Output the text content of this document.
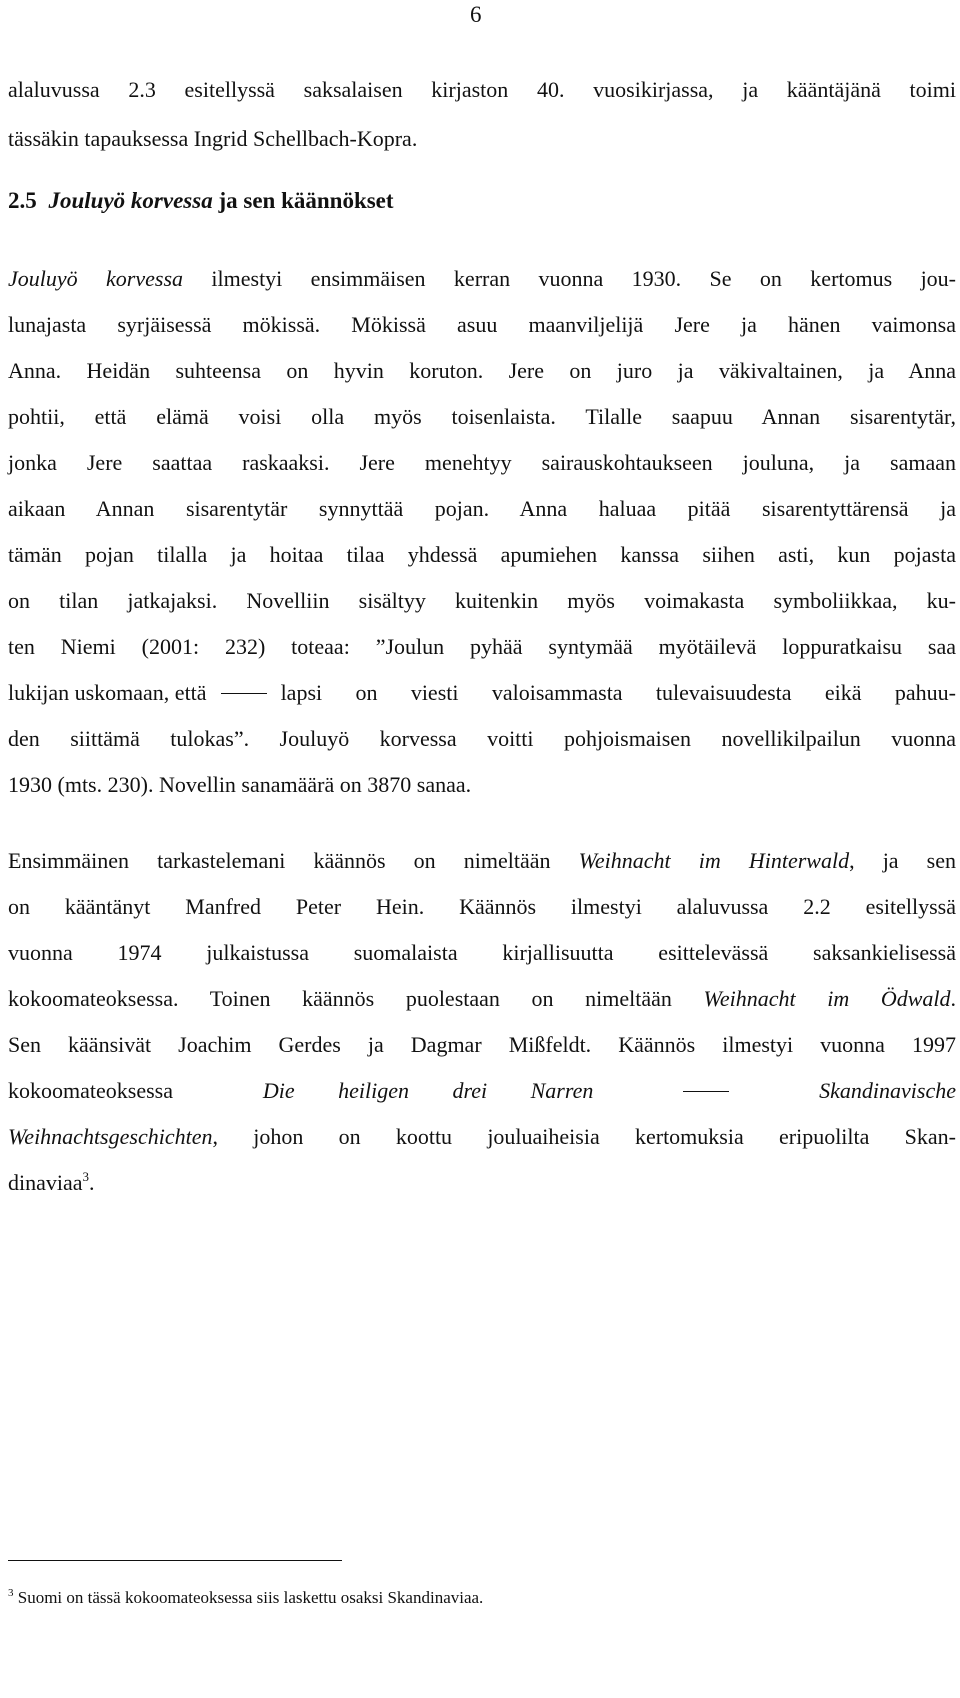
6
alaluvussa 2.3 esitellyssä saksalaisen kirjaston 40. vuosikirjassa, ja kääntäjänä toimi
tässäkin tapauksessa Ingrid Schellbach-Kopra.
2.5 Jouluyö korvessa ja sen käännökset
Jouluyö korvessa ilmestyi ensimmäisen kerran vuonna 1930. Se on kertomus jou-
lunajasta syrjäisessä mökissä. Mökissä asuu maanviljelijä Jere ja hänen vaimonsa
Anna. Heidän suhteensa on hyvin koruton. Jere on juro ja väkivaltainen, ja Anna
pohtii, että elämä voisi olla myös toisenlaista. Tilalle saapuu Annan sisarentytär,
jonka Jere saattaa raskaaksi. Jere menehtyy sairauskohtaukseen jouluna, ja samaan
aikaan Annan sisarentytär synnyttää pojan. Anna haluaa pitää sisarentyttärensä ja
tämän pojan tilalla ja hoitaa tilaa yhdessä apumiehen kanssa siihen asti, kun pojasta
on tilan jatkajaksi. Novelliin sisältyy kuitenkin myös voimakasta symboliikkaa, ku-
ten Niemi (2001: 232) toteaa: ”Joulun pyhää syntymää myötäilevä loppuratkaisu saa
lukijan uskomaan, että	lapsi on viesti valoisammasta tulevaisuudesta eikä pahuu-
den siittämä tulokas”. Jouluyö korvessa voitti pohjoismaisen novellikilpailun vuonna
1930 (mts. 230). Novellin sanamäärä on 3870 sanaa.
Ensimmäinen tarkastelemani käännös on nimeltään Weihnacht im Hinterwald, ja sen
on kääntänyt Manfred Peter Hein. Käännös ilmestyi alaluvussa 2.2 esitellyssä
vuonna 1974 julkaistussa suomalaista kirjallisuutta esittelevässä saksankielisessä
kokoomateoksessa. Toinen käännös puolestaan on nimeltään Weihnacht im Ödwald.
Sen käänsivät Joachim Gerdes ja Dagmar Mißfeldt. Käännös ilmestyi vuonna 1997
kokoomateoksessa	Die heiligen drei Narren	Skandinavische
Weihnachtsgeschichten, johon on koottu jouluaiheisia kertomuksia eripuolilta Skan-
dinaviaa$^3$.
$^3$ Suomi on tässä kokoomateoksessa siis laskettu osaksi Skandinaviaa.
